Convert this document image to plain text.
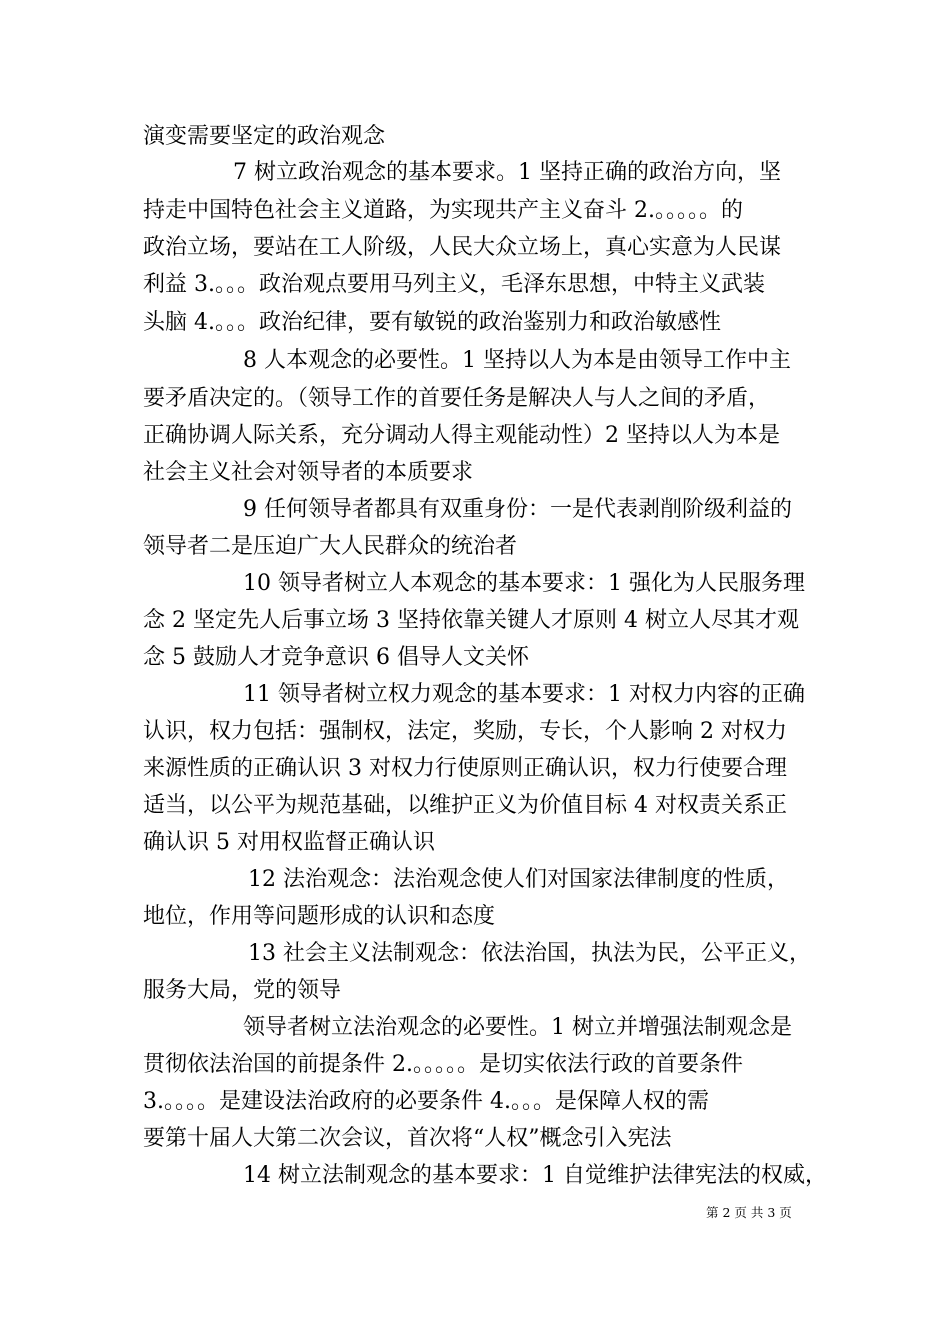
演变需要坚定的政治观念
7 树立政治观念的基本要求。1 坚持正确的政治方向，坚
持走中国特色社会主义道路，为实现共产主义奋斗 2.。。。。。的
政治立场，要站在工人阶级，人民大众立场上，真心实意为人民谋
利益 3.。。。政治观点要用马列主义，毛泽东思想，中特主义武装
头脑 4.。。。政治纪律，要有敏锐的政治鉴别力和政治敏感性
8 人本观念的必要性。1 坚持以人为本是由领导工作中主
要矛盾决定的。（领导工作的首要任务是解决人与人之间的矛盾，
正确协调人际关系，充分调动人得主观能动性）2 坚持以人为本是
社会主义社会对领导者的本质要求
9 任何领导者都具有双重身份：一是代表剥削阶级利益的
领导者二是压迫广大人民群众的统治者
10 领导者树立人本观念的基本要求：1 强化为人民服务理
念 2 坚定先人后事立场 3 坚持依靠关键人才原则 4 树立人尽其才观
念 5 鼓励人才竞争意识 6 倡导人文关怀
11 领导者树立权力观念的基本要求：1 对权力内容的正确
认识，权力包括：强制权，法定，奖励，专长，个人影响 2 对权力
来源性质的正确认识 3 对权力行使原则正确认识，权力行使要合理
适当，以公平为规范基础，以维护正义为价值目标 4 对权责关系正
确认识 5 对用权监督正确认识
12 法治观念：法治观念使人们对国家法律制度的性质，
地位，作用等问题形成的认识和态度
13 社会主义法制观念：依法治国，执法为民，公平正义，
服务大局，党的领导
领导者树立法治观念的必要性。1 树立并增强法制观念是
贯彻依法治国的前提条件 2.。。。。。是切实依法行政的首要条件
3.。。。。是建设法治政府的必要条件 4.。。。是保障人权的需
要第十届人大第二次会议，首次将“人权”概念引入宪法
14 树立法制观念的基本要求：1 自觉维护法律宪法的权威，
第 2 页 共 3 页
